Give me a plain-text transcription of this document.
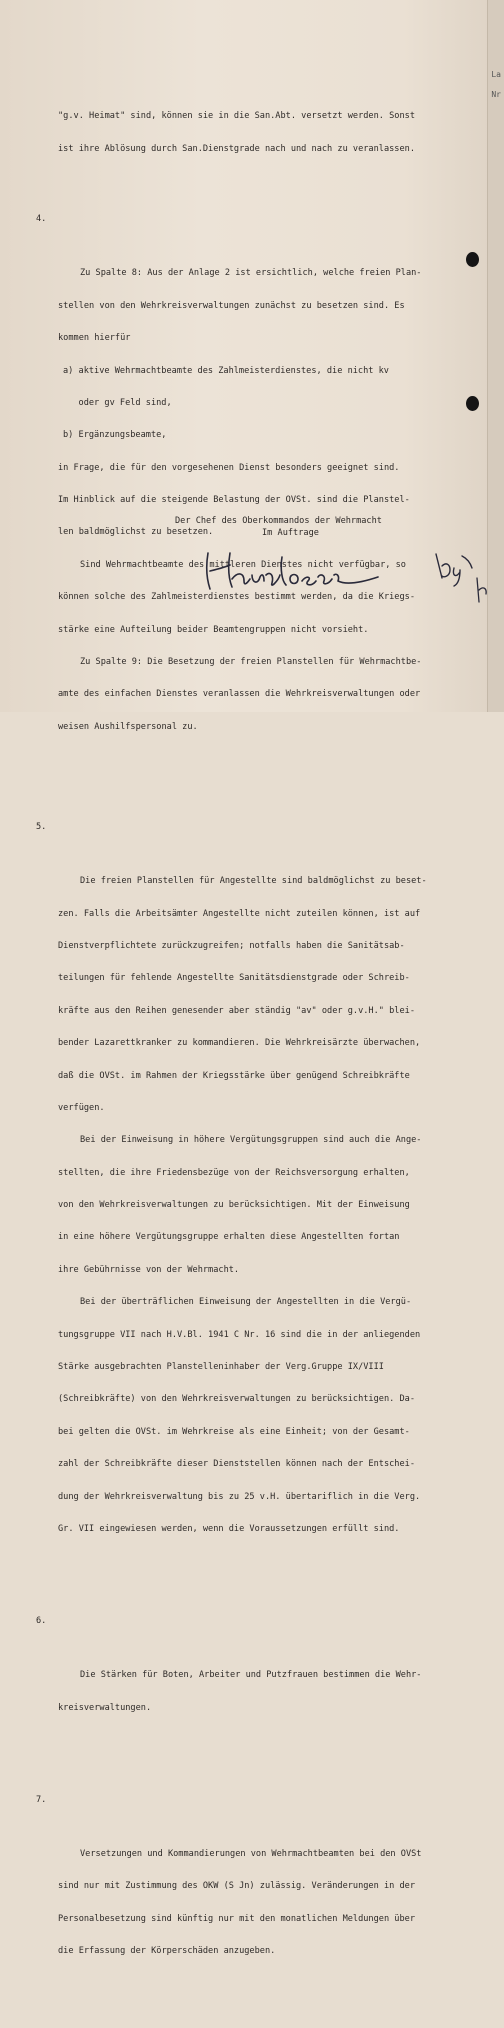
La
Nr

"g.v. Heimat" sind, können sie in die San.Abt. versetzt werden. Sonst

ist ihre Ablösung durch San.Dienstgrade nach und nach zu veranlassen.

4.

Zu Spalte 8: Aus der Anlage 2 ist ersichtlich, welche freien Plan-

stellen von den Wehrkreisverwaltungen zunächst zu besetzen sind. Es

kommen hierfür

a) aktive Wehrmachtbeamte des Zahlmeisterdienstes, die nicht kv

oder gv Feld sind,

b) Ergänzungsbeamte,

in Frage, die für den vorgesehenen Dienst besonders geeignet sind.

Im Hinblick auf die steigende Belastung der OVSt. sind die Planstel-

len baldmöglichst zu besetzen.

Sind Wehrmachtbeamte des mittleren Dienstes nicht verfügbar, so

können solche des Zahlmeisterdienstes bestimmt werden, da die Kriegs-

stärke eine Aufteilung beider Beamtengruppen nicht vorsieht.

Zu Spalte 9: Die Besetzung der freien Planstellen für Wehrmachtbe-

amte des einfachen Dienstes veranlassen die Wehrkreisverwaltungen oder

weisen Aushilfspersonal zu.

5.

Die freien Planstellen für Angestellte sind baldmöglichst zu beset-

zen. Falls die Arbeitsämter Angestellte nicht zuteilen können, ist auf

Dienstverpflichtete zurückzugreifen; notfalls haben die Sanitätsab-

teilungen für fehlende Angestellte Sanitätsdienstgrade oder Schreib-

kräfte aus den Reihen genesender aber ständig "av" oder g.v.H." blei-

bender Lazarettkranker zu kommandieren. Die Wehrkreisärzte überwachen,

daß die OVSt. im Rahmen der Kriegsstärke über genügend Schreibkräfte

verfügen.

Bei der Einweisung in höhere Vergütungsgruppen sind auch die Ange-

stellten, die ihre Friedensbezüge von der Reichsversorgung erhalten,

von den Wehrkreisverwaltungen zu berücksichtigen. Mit der Einweisung

in eine höhere Vergütungsgruppe erhalten diese Angestellten fortan

ihre Gebührnisse von der Wehrmacht.

Bei der überträflichen Einweisung der Angestellten in die Vergü-

tungsgruppe VII nach H.V.Bl. 1941 C Nr. 16 sind die in der anliegenden

Stärke ausgebrachten Planstelleninhaber der Verg.Gruppe IX/VIII

(Schreibkräfte) von den Wehrkreisverwaltungen zu berücksichtigen. Da-

bei gelten die OVSt. im Wehrkreise als eine Einheit; von der Gesamt-

zahl der Schreibkräfte dieser Dienststellen können nach der Entschei-

dung der Wehrkreisverwaltung bis zu 25 v.H. übertariflich in die Verg.

Gr. VII eingewiesen werden, wenn die Voraussetzungen erfüllt sind.

6.

Die Stärken für Boten, Arbeiter und Putzfrauen bestimmen die Wehr-

kreisverwaltungen.

7.

Versetzungen und Kommandierungen von Wehrmachtbeamten bei den OVSt

sind nur mit Zustimmung des OKW (S Jn) zulässig. Veränderungen in der

Personalbesetzung sind künftig nur mit den monatlichen Meldungen über

die Erfassung der Körperschäden anzugeben.

Der Chef des Oberkommandos der Wehrmacht
Im Auftrage
